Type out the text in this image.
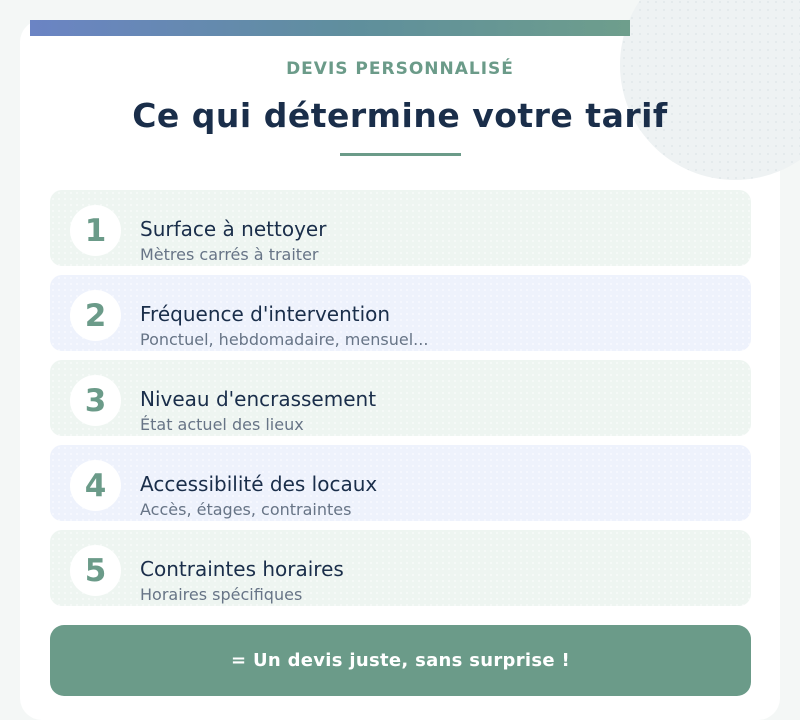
DEVIS PERSONNALISÉ
Ce qui détermine votre tarif
1	Surface à nettoyer
Mètres carrés à traiter
2	Fréquence d'intervention
Ponctuel, hebdomadaire, mensuel...
3	Niveau d'encrassement
État actuel des lieux
4	Accessibilité des locaux
Accès, étages, contraintes
5	Contraintes horaires
Horaires spécifiques
= Un devis juste, sans surprise !
